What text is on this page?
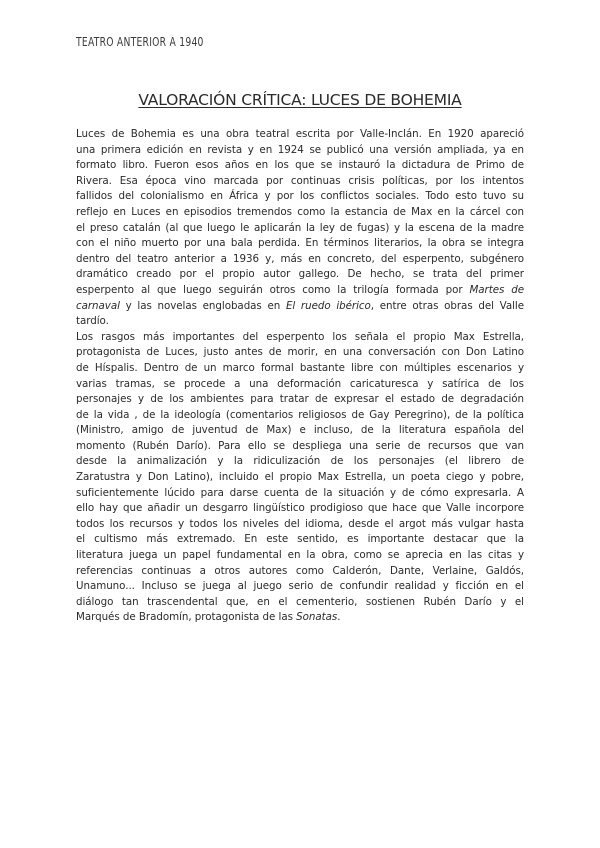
TEATRO ANTERIOR A 1940
VALORACIÓN CRÍTICA: LUCES DE BOHEMIA
Luces de Bohemia es una obra teatral escrita por Valle-Inclán. En 1920 apareció
una primera edición en revista y en 1924 se publicó una versión ampliada, ya en
formato libro. Fueron esos años en los que se instauró la dictadura de Primo de
Rivera. Esa época vino marcada por continuas crisis políticas, por los intentos
fallidos del colonialismo en África y por los conflictos sociales. Todo esto tuvo su
reflejo en Luces en episodios tremendos como la estancia de Max en la cárcel con
el preso catalán (al que luego le aplicarán la ley de fugas) y la escena de la madre
con el niño muerto por una bala perdida. En términos literarios, la obra se integra
dentro del teatro anterior a 1936 y, más en concreto, del esperpento, subgénero
dramático creado por el propio autor gallego. De hecho, se trata del primer
esperpento al que luego seguirán otros como la trilogía formada por Martes de
carnaval y las novelas englobadas en El ruedo ibérico, entre otras obras del Valle
tardío.
Los rasgos más importantes del esperpento los señala el propio Max Estrella,
protagonista de Luces, justo antes de morir, en una conversación con Don Latino
de Híspalis. Dentro de un marco formal bastante libre con múltiples escenarios y
varias tramas, se procede a una deformación caricaturesca y satírica de los
personajes y de los ambientes para tratar de expresar el estado de degradación
de la vida , de la ideología (comentarios religiosos de Gay Peregrino), de la política
(Ministro, amigo de juventud de Max) e incluso, de la literatura española del
momento (Rubén Darío). Para ello se despliega una serie de recursos que van
desde la animalización y la ridiculización de los personajes (el librero de
Zaratustra y Don Latino), incluido el propio Max Estrella, un poeta ciego y pobre,
suficientemente lúcido para darse cuenta de la situación y de cómo expresarla. A
ello hay que añadir un desgarro lingüístico prodigioso que hace que Valle incorpore
todos los recursos y todos los niveles del idioma, desde el argot más vulgar hasta
el cultismo más extremado. En este sentido, es importante destacar que la
literatura juega un papel fundamental en la obra, como se aprecia en las citas y
referencias continuas a otros autores como Calderón, Dante, Verlaine, Galdós,
Unamuno... Incluso se juega al juego serio de confundir realidad y ficción en el
diálogo tan trascendental que, en el cementerio, sostienen Rubén Darío y el
Marqués de Bradomín, protagonista de las Sonatas.
